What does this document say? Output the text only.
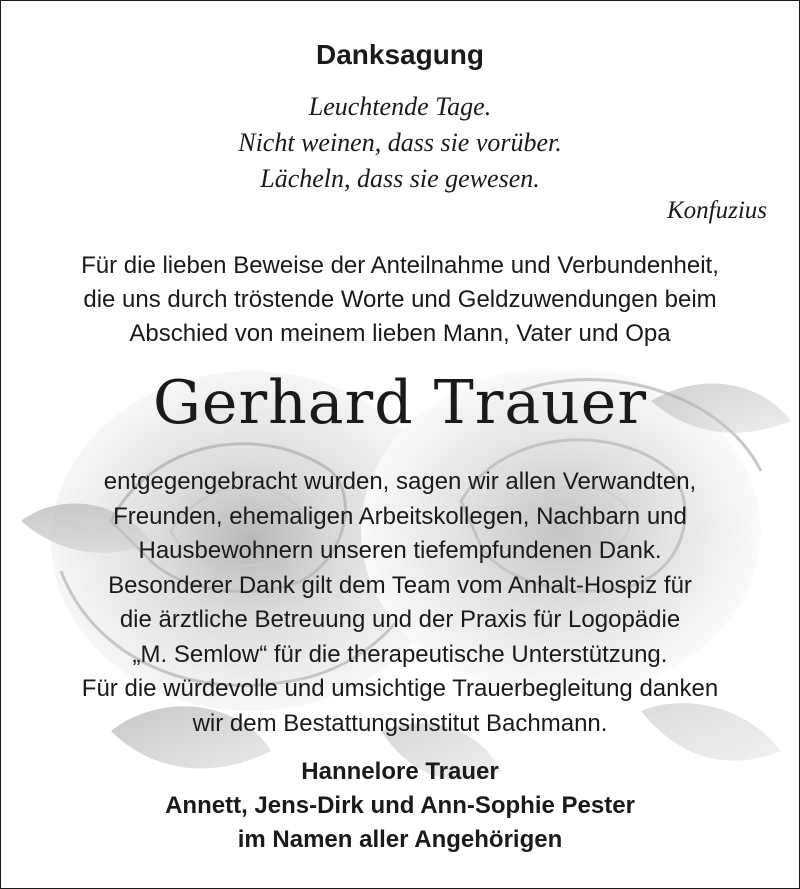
Danksagung
Leuchtende Tage.
Nicht weinen, dass sie vorüber.
Lächeln, dass sie gewesen.
Konfuzius
Für die lieben Beweise der Anteilnahme und Verbundenheit,
die uns durch tröstende Worte und Geldzuwendungen beim
Abschied von meinem lieben Mann, Vater und Opa
Gerhard Trauer
entgegengebracht wurden, sagen wir allen Verwandten,
Freunden, ehemaligen Arbeitskollegen, Nachbarn und
Hausbewohnern unseren tiefempfundenen Dank.
Besonderer Dank gilt dem Team vom Anhalt-Hospiz für
die ärztliche Betreuung und der Praxis für Logopädie
„M. Semlow“ für die therapeutische Unterstützung.
Für die würdevolle und umsichtige Trauerbegleitung danken
wir dem Bestattungsinstitut Bachmann.
Hannelore Trauer
Annett, Jens-Dirk und Ann-Sophie Pester
im Namen aller Angehörigen
